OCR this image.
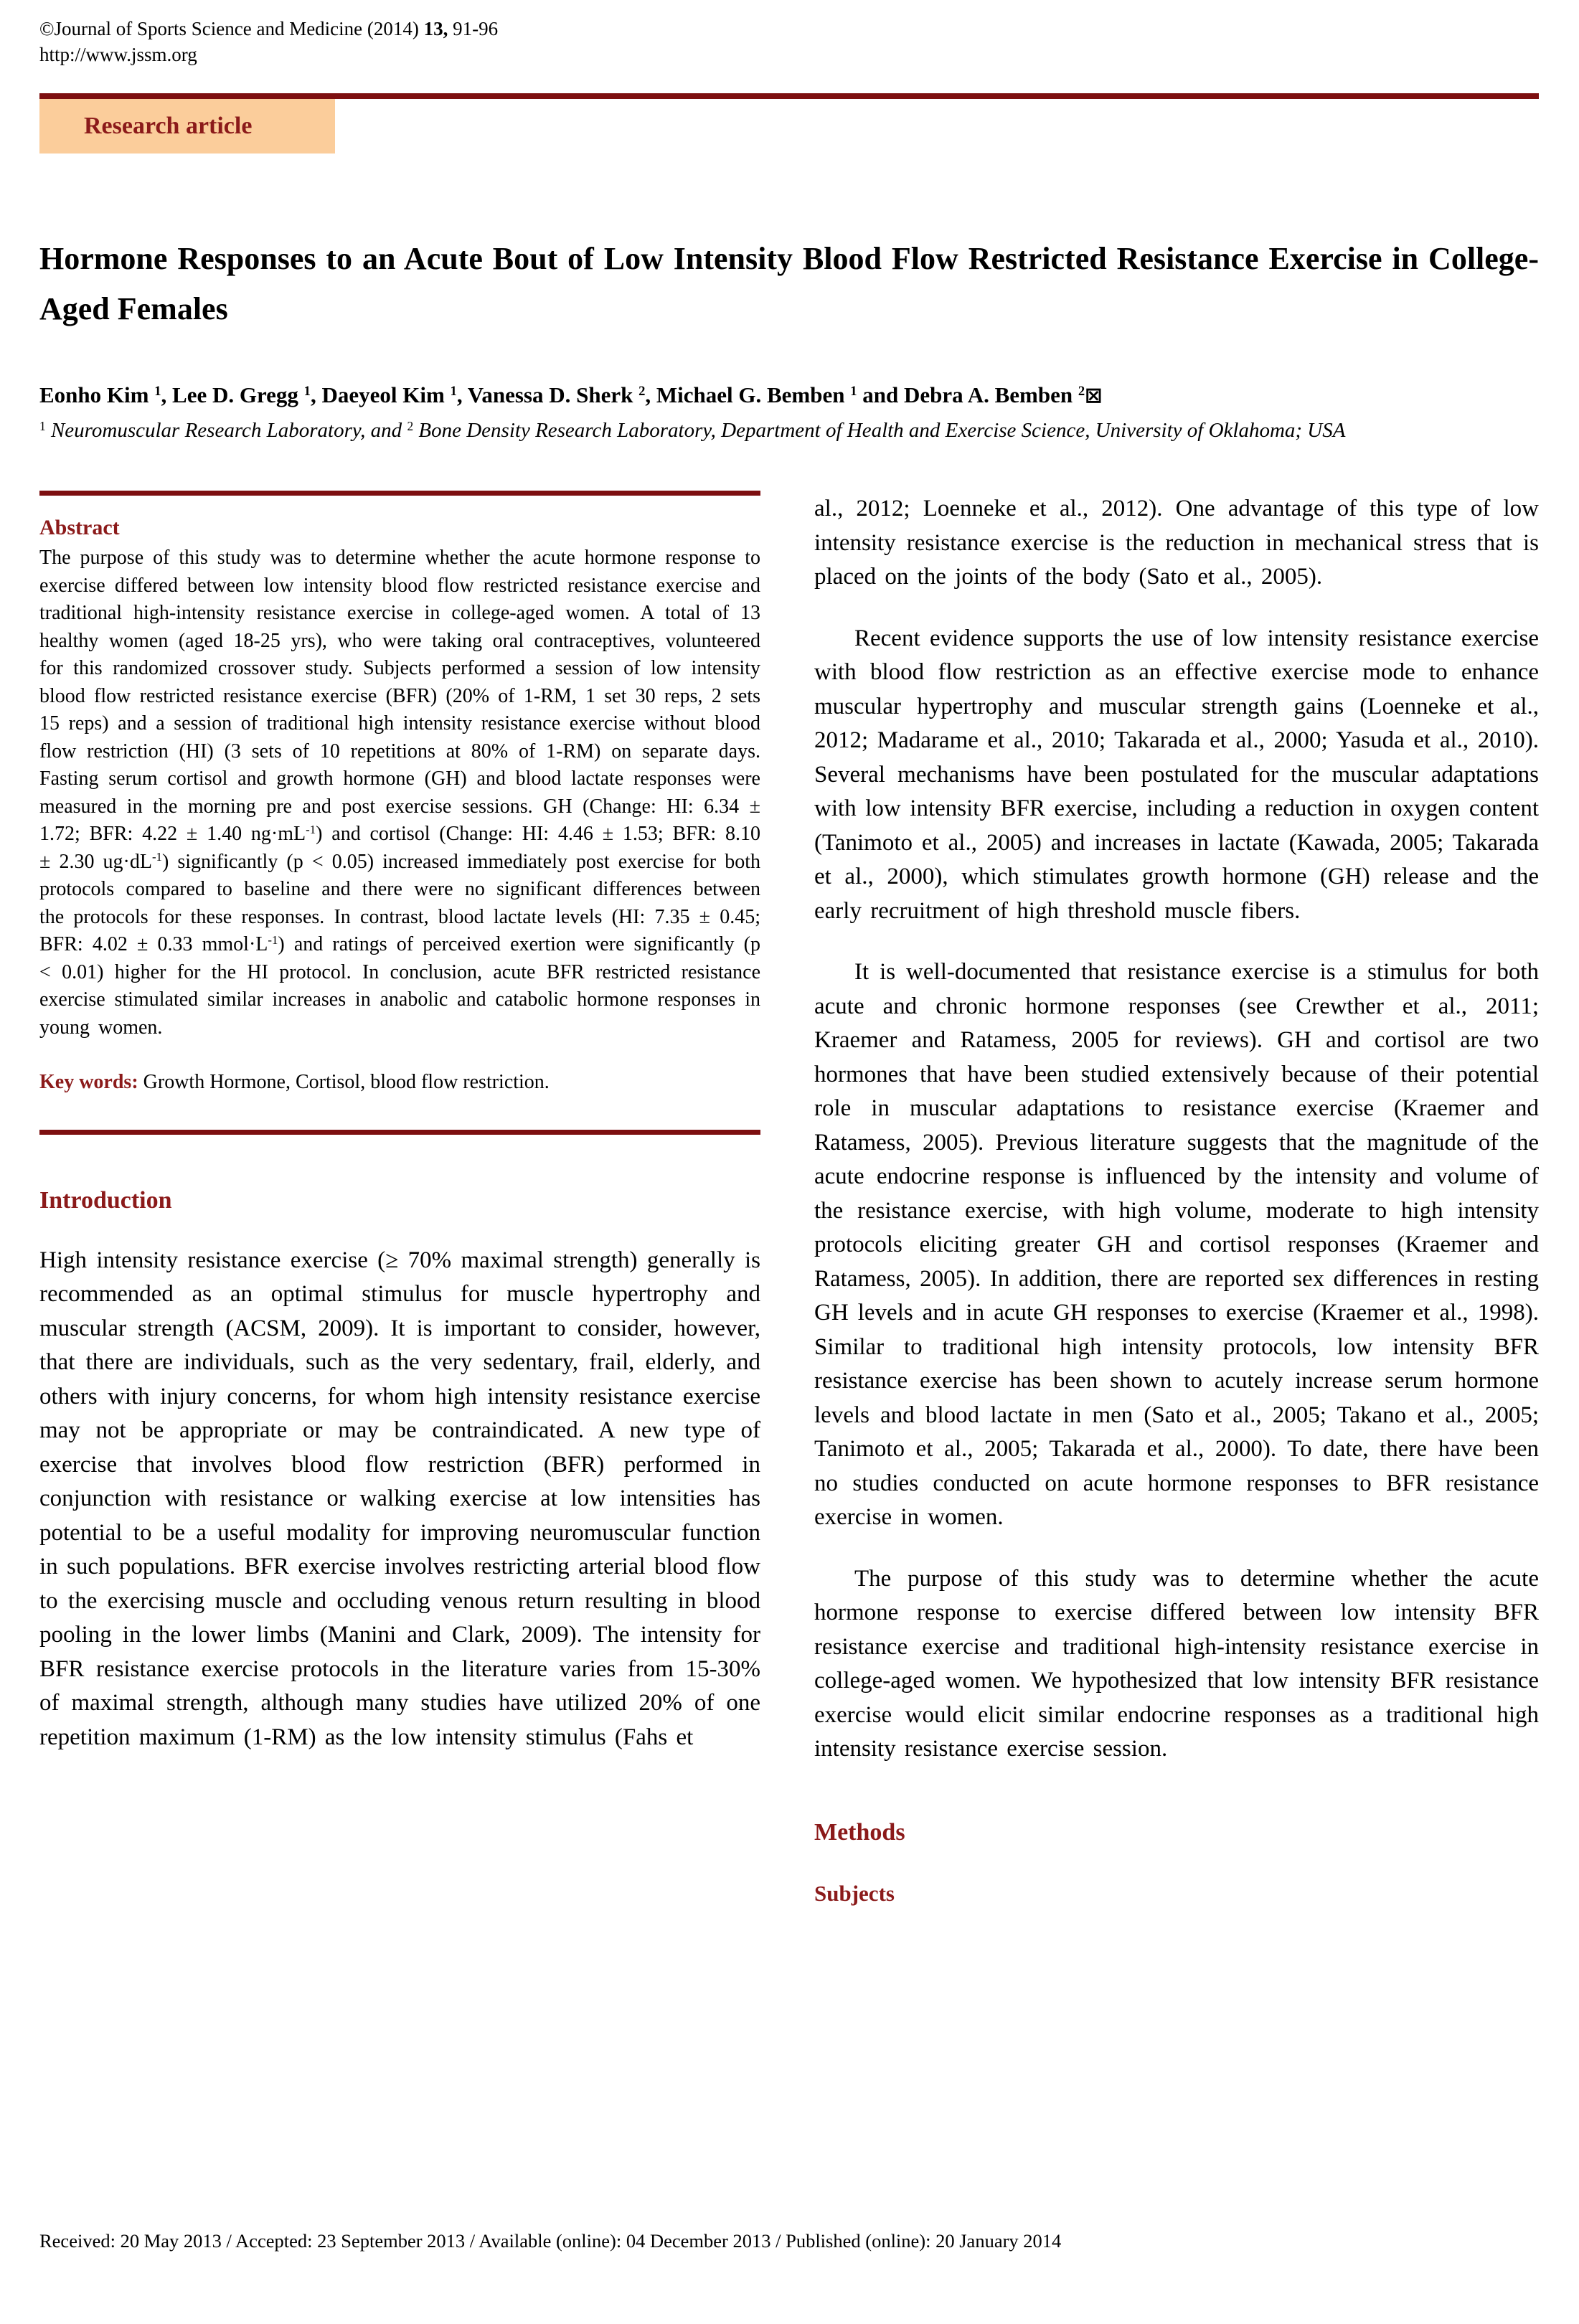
©Journal of Sports Science and Medicine (2014) 13, 91-96
http://www.jssm.org
Research article
Hormone Responses to an Acute Bout of Low Intensity Blood Flow Restricted Resistance Exercise in College-Aged Females
Eonho Kim $^1$, Lee D. Gregg $^1$, Daeyeol Kim $^1$, Vanessa D. Sherk $^2$, Michael G. Bemben $^1$ and Debra A. Bemben $^2$⊠
$^1$ Neuromuscular Research Laboratory, and $^2$ Bone Density Research Laboratory, Department of Health and Exercise Science, University of Oklahoma; USA
Abstract

The purpose of this study was to determine whether the acute hormone response to exercise differed between low intensity blood flow restricted resistance exercise and traditional high-intensity resistance exercise in college-aged women. A total of 13 healthy women (aged 18-25 yrs), who were taking oral contraceptives, volunteered for this randomized crossover study. Subjects performed a session of low intensity blood flow restricted resistance exercise (BFR) (20% of 1-RM, 1 set 30 reps, 2 sets 15 reps) and a session of traditional high intensity resistance exercise without blood flow restriction (HI) (3 sets of 10 repetitions at 80% of 1-RM) on separate days. Fasting serum cortisol and growth hormone (GH) and blood lactate responses were measured in the morning pre and post exercise sessions. GH (Change: HI: 6.34 ± 1.72; BFR: 4.22 ± 1.40 $ng\cdot mL^{-1}$) and cortisol (Change: HI: 4.46 ± 1.53; BFR: 8.10 ± 2.30 $ug\cdot dL^{-1}$) significantly (p < 0.05) increased immediately post exercise for both protocols compared to baseline and there were no significant differences between the protocols for these responses. In contrast, blood lactate levels (HI: 7.35 ± 0.45; BFR: 4.02 ± 0.33 $mmol\cdot L^{-1}$) and ratings of perceived exertion were significantly (p < 0.01) higher for the HI protocol. In conclusion, acute BFR restricted resistance exercise stimulated similar increases in anabolic and catabolic hormone responses in young women.

Key words: Growth Hormone, Cortisol, blood flow restriction.

Introduction

High intensity resistance exercise (≥ 70% maximal strength) generally is recommended as an optimal stimulus for muscle hypertrophy and muscular strength (ACSM, 2009). It is important to consider, however, that there are individuals, such as the very sedentary, frail, elderly, and others with injury concerns, for whom high intensity resistance exercise may not be appropriate or may be contraindicated. A new type of exercise that involves blood flow restriction (BFR) performed in conjunction with resistance or walking exercise at low intensities has potential to be a useful modality for improving neuromuscular function in such populations. BFR exercise involves restricting arterial blood flow to the exercising muscle and occluding venous return resulting in blood pooling in the lower limbs (Manini and Clark, 2009). The intensity for BFR resistance exercise protocols in the literature varies from 15-30% of maximal strength, although many studies have utilized 20% of one repetition maximum (1-RM) as the low intensity stimulus (Fahs et

al., 2012; Loenneke et al., 2012). One advantage of this type of low intensity resistance exercise is the reduction in mechanical stress that is placed on the joints of the body (Sato et al., 2005).

Recent evidence supports the use of low intensity resistance exercise with blood flow restriction as an effective exercise mode to enhance muscular hypertrophy and muscular strength gains (Loenneke et al., 2012; Madarame et al., 2010; Takarada et al., 2000; Yasuda et al., 2010). Several mechanisms have been postulated for the muscular adaptations with low intensity BFR exercise, including a reduction in oxygen content (Tanimoto et al., 2005) and increases in lactate (Kawada, 2005; Takarada et al., 2000), which stimulates growth hormone (GH) release and the early recruitment of high threshold muscle fibers.

It is well-documented that resistance exercise is a stimulus for both acute and chronic hormone responses (see Crewther et al., 2011; Kraemer and Ratamess, 2005 for reviews). GH and cortisol are two hormones that have been studied extensively because of their potential role in muscular adaptations to resistance exercise (Kraemer and Ratamess, 2005). Previous literature suggests that the magnitude of the acute endocrine response is influenced by the intensity and volume of the resistance exercise, with high volume, moderate to high intensity protocols eliciting greater GH and cortisol responses (Kraemer and Ratamess, 2005). In addition, there are reported sex differences in resting GH levels and in acute GH responses to exercise (Kraemer et al., 1998). Similar to traditional high intensity protocols, low intensity BFR resistance exercise has been shown to acutely increase serum hormone levels and blood lactate in men (Sato et al., 2005; Takano et al., 2005; Tanimoto et al., 2005; Takarada et al., 2000). To date, there have been no studies conducted on acute hormone responses to BFR resistance exercise in women.

The purpose of this study was to determine whether the acute hormone response to exercise differed between low intensity BFR resistance exercise and traditional high-intensity resistance exercise in college-aged women. We hypothesized that low intensity BFR resistance exercise would elicit similar endocrine responses as a traditional high intensity resistance exercise session.

Methods
Subjects
Received: 20 May 2013 / Accepted: 23 September 2013 / Available (online): 04 December 2013 / Published (online): 20 January 2014
